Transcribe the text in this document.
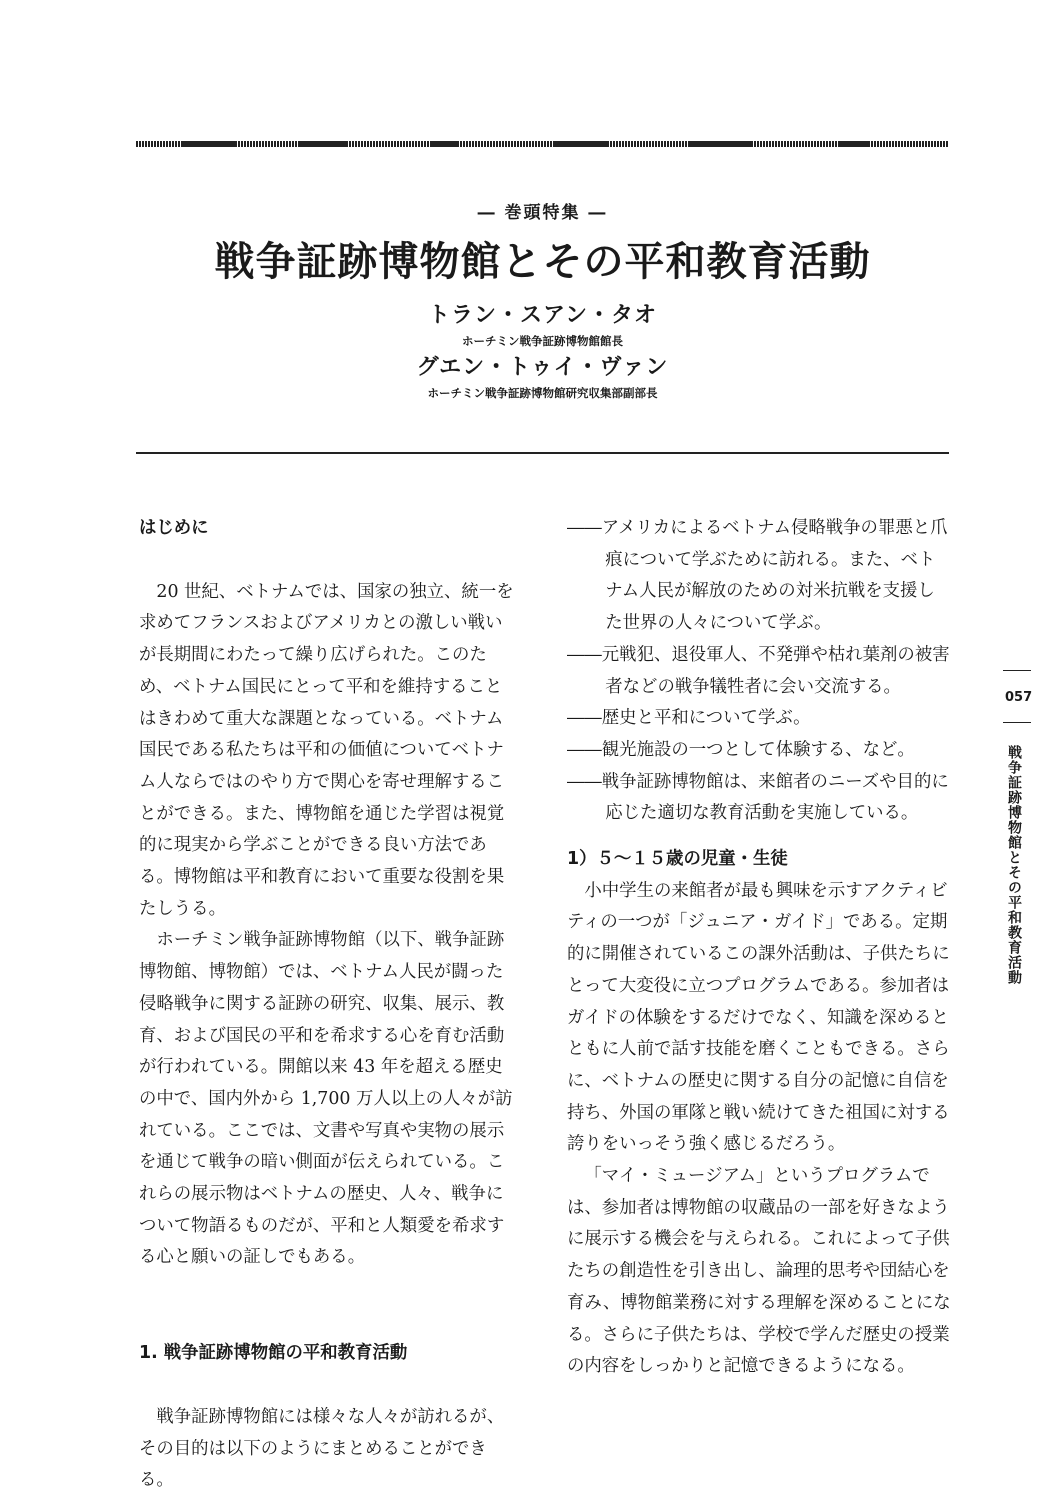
― 巻頭特集 ―
戦争証跡博物館とその平和教育活動
トラン・スアン・タオ
ホーチミン戦争証跡博物館館長
グエン・トゥイ・ヴァン
ホーチミン戦争証跡博物館研究収集部副部長

はじめに

20 世紀、ベトナムでは、国家の独立、統一を求めてフランスおよびアメリカとの激しい戦いが長期間にわたって繰り広げられた。このため、ベトナム国民にとって平和を維持することはきわめて重大な課題となっている。ベトナム国民である私たちは平和の価値についてベトナム人ならではのやり方で関心を寄せ理解することができる。また、博物館を通じた学習は視覚的に現実から学ぶことができる良い方法である。博物館は平和教育において重要な役割を果たしうる。

ホーチミン戦争証跡博物館（以下、戦争証跡博物館、博物館）では、ベトナム人民が闘った侵略戦争に関する証跡の研究、収集、展示、教育、および国民の平和を希求する心を育む活動が行われている。開館以来 43 年を超える歴史の中で、国内外から 1,700 万人以上の人々が訪れている。ここでは、文書や写真や実物の展示を通じて戦争の暗い側面が伝えられている。これらの展示物はベトナムの歴史、人々、戦争について物語るものだが、平和と人類愛を希求する心と願いの証しでもある。

1. 戦争証跡博物館の平和教育活動

戦争証跡博物館には様々な人々が訪れるが、その目的は以下のようにまとめることができる。

――アメリカによるベトナム侵略戦争の罪悪と爪痕について学ぶために訪れる。また、ベトナム人民が解放のための対米抗戦を支援した世界の人々について学ぶ。

――元戦犯、退役軍人、不発弾や枯れ葉剤の被害者などの戦争犠牲者に会い交流する。

――歴史と平和について学ぶ。

――観光施設の一つとして体験する、など。

――戦争証跡博物館は、来館者のニーズや目的に応じた適切な教育活動を実施している。

1）５～１５歳の児童・生徒

小中学生の来館者が最も興味を示すアクティビティの一つが「ジュニア・ガイド」である。定期的に開催されているこの課外活動は、子供たちにとって大変役に立つプログラムである。参加者はガイドの体験をするだけでなく、知識を深めるとともに人前で話す技能を磨くこともできる。さらに、ベトナムの歴史に関する自分の記憶に自信を持ち、外国の軍隊と戦い続けてきた祖国に対する誇りをいっそう強く感じるだろう。

「マイ・ミュージアム」というプログラムでは、参加者は博物館の収蔵品の一部を好きなように展示する機会を与えられる。これによって子供たちの創造性を引き出し、論理的思考や団結心を育み、博物館業務に対する理解を深めることになる。さらに子供たちは、学校で学んだ歴史の授業の内容をしっかりと記憶できるようになる。

057
戦争証跡博物館とその平和教育活動
